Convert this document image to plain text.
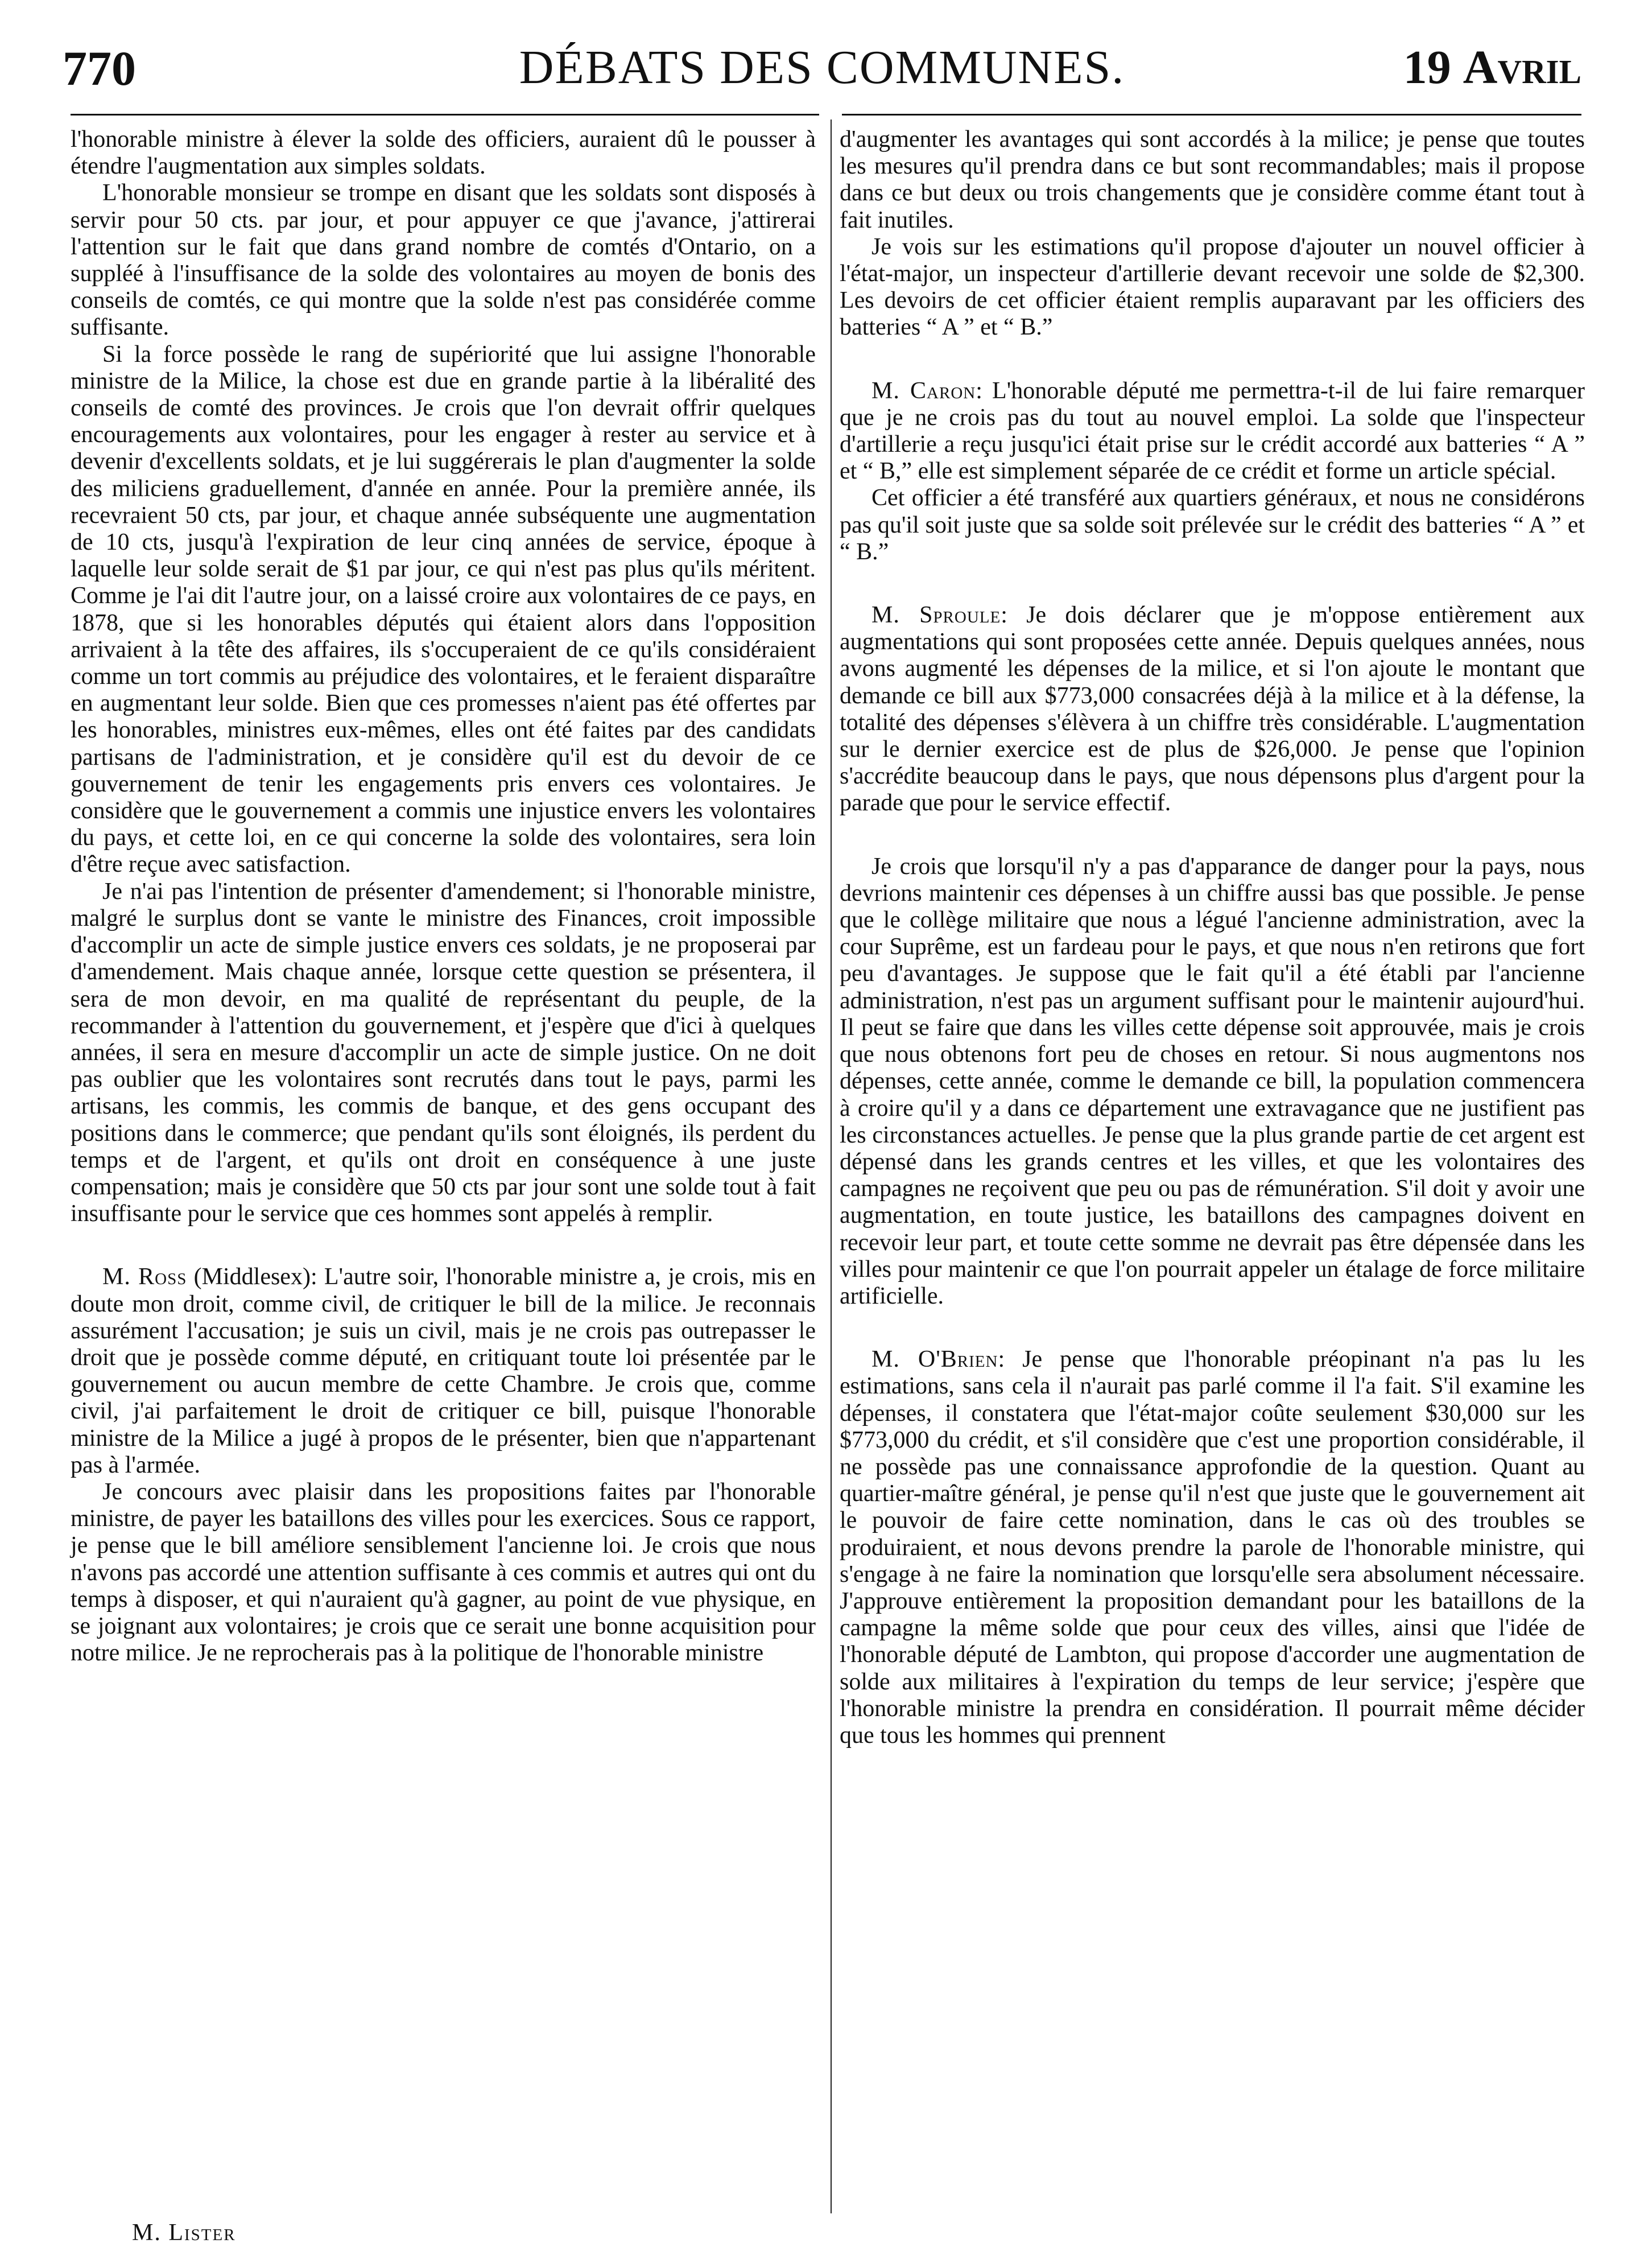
770	DÉBATS DES COMMUNES.	19 Avril

l'honorable ministre à élever la solde des officiers, auraient dû le pousser à étendre l'augmentation aux simples soldats.

L'honorable monsieur se trompe en disant que les soldats sont disposés à servir pour 50 cts. par jour, et pour appuyer ce que j'avance, j'attirerai l'attention sur le fait que dans grand nombre de comtés d'Ontario, on a suppléé à l'insuffisance de la solde des volontaires au moyen de bonis des conseils de comtés, ce qui montre que la solde n'est pas considérée comme suffisante.

Si la force possède le rang de supériorité que lui assigne l'honorable ministre de la Milice, la chose est due en grande partie à la libéralité des conseils de comté des provinces. Je crois que l'on devrait offrir quelques encouragements aux volontaires, pour les engager à rester au service et à devenir d'excellents soldats, et je lui suggérerais le plan d'augmenter la solde des miliciens graduellement, d'année en année. Pour la première année, ils recevraient 50 cts, par jour, et chaque année subséquente une augmentation de 10 cts, jusqu'à l'expiration de leur cinq années de service, époque à laquelle leur solde serait de $1 par jour, ce qui n'est pas plus qu'ils méritent. Comme je l'ai dit l'autre jour, on a laissé croire aux volontaires de ce pays, en 1878, que si les honorables députés qui étaient alors dans l'opposition arrivaient à la tête des affaires, ils s'occuperaient de ce qu'ils considéraient comme un tort commis au préjudice des volontaires, et le feraient disparaître en augmentant leur solde. Bien que ces promesses n'aient pas été offertes par les honorables, ministres eux-mêmes, elles ont été faites par des candidats partisans de l'administration, et je considère qu'il est du devoir de ce gouvernement de tenir les engagements pris envers ces volontaires. Je considère que le gouvernement a commis une injustice envers les volontaires du pays, et cette loi, en ce qui concerne la solde des volontaires, sera loin d'être reçue avec satisfaction.

Je n'ai pas l'intention de présenter d'amendement; si l'honorable ministre, malgré le surplus dont se vante le ministre des Finances, croit impossible d'accomplir un acte de simple justice envers ces soldats, je ne proposerai par d'amendement. Mais chaque année, lorsque cette question se présentera, il sera de mon devoir, en ma qualité de représentant du peuple, de la recommander à l'attention du gouvernement, et j'espère que d'ici à quelques années, il sera en mesure d'accomplir un acte de simple justice. On ne doit pas oublier que les volontaires sont recrutés dans tout le pays, parmi les artisans, les commis, les commis de banque, et des gens occupant des positions dans le commerce; que pendant qu'ils sont éloignés, ils perdent du temps et de l'argent, et qu'ils ont droit en conséquence à une juste compensation; mais je considère que 50 cts par jour sont une solde tout à fait insuffisante pour le service que ces hommes sont appelés à remplir.

M. Ross (Middlesex): L'autre soir, l'honorable ministre a, je crois, mis en doute mon droit, comme civil, de critiquer le bill de la milice. Je reconnais assurément l'accusation; je suis un civil, mais je ne crois pas outrepasser le droit que je possède comme député, en critiquant toute loi présentée par le gouvernement ou aucun membre de cette Chambre. Je crois que, comme civil, j'ai parfaitement le droit de critiquer ce bill, puisque l'honorable ministre de la Milice a jugé à propos de le présenter, bien que n'appartenant pas à l'armée.

Je concours avec plaisir dans les propositions faites par l'honorable ministre, de payer les bataillons des villes pour les exercices. Sous ce rapport, je pense que le bill améliore sensiblement l'ancienne loi. Je crois que nous n'avons pas accordé une attention suffisante à ces commis et autres qui ont du temps à disposer, et qui n'auraient qu'à gagner, au point de vue physique, en se joignant aux volontaires; je crois que ce serait une bonne acquisition pour notre milice. Je ne reprocherais pas à la politique de l'honorable ministre

d'augmenter les avantages qui sont accordés à la milice; je pense que toutes les mesures qu'il prendra dans ce but sont recommandables; mais il propose dans ce but deux ou trois changements que je considère comme étant tout à fait inutiles.

Je vois sur les estimations qu'il propose d'ajouter un nouvel officier à l'état-major, un inspecteur d'artillerie devant recevoir une solde de $2,300. Les devoirs de cet officier étaient remplis auparavant par les officiers des batteries “ A ” et “ B.”

M. Caron: L'honorable député me permettra-t-il de lui faire remarquer que je ne crois pas du tout au nouvel emploi. La solde que l'inspecteur d'artillerie a reçu jusqu'ici était prise sur le crédit accordé aux batteries “ A ” et “ B,” elle est simplement séparée de ce crédit et forme un article spécial.

Cet officier a été transféré aux quartiers généraux, et nous ne considérons pas qu'il soit juste que sa solde soit prélevée sur le crédit des batteries “ A ” et “ B.”

M. Sproule: Je dois déclarer que je m'oppose entièrement aux augmentations qui sont proposées cette année. Depuis quelques années, nous avons augmenté les dépenses de la milice, et si l'on ajoute le montant que demande ce bill aux $773,000 consacrées déjà à la milice et à la défense, la totalité des dépenses s'élèvera à un chiffre très considérable. L'augmentation sur le dernier exercice est de plus de $26,000. Je pense que l'opinion s'accrédite beaucoup dans le pays, que nous dépensons plus d'argent pour la parade que pour le service effectif.

Je crois que lorsqu'il n'y a pas d'apparance de danger pour la pays, nous devrions maintenir ces dépenses à un chiffre aussi bas que possible. Je pense que le collège militaire que nous a légué l'ancienne administration, avec la cour Suprême, est un fardeau pour le pays, et que nous n'en retirons que fort peu d'avantages. Je suppose que le fait qu'il a été établi par l'ancienne administration, n'est pas un argument suffisant pour le maintenir aujourd'hui. Il peut se faire que dans les villes cette dépense soit approuvée, mais je crois que nous obtenons fort peu de choses en retour. Si nous augmentons nos dépenses, cette année, comme le demande ce bill, la population commencera à croire qu'il y a dans ce département une extravagance que ne justifient pas les circonstances actuelles. Je pense que la plus grande partie de cet argent est dépensé dans les grands centres et les villes, et que les volontaires des campagnes ne reçoivent que peu ou pas de rémunération. S'il doit y avoir une augmentation, en toute justice, les bataillons des campagnes doivent en recevoir leur part, et toute cette somme ne devrait pas être dépensée dans les villes pour maintenir ce que l'on pourrait appeler un étalage de force militaire artificielle.

M. O'Brien: Je pense que l'honorable préopinant n'a pas lu les estimations, sans cela il n'aurait pas parlé comme il l'a fait. S'il examine les dépenses, il constatera que l'état-major coûte seulement $30,000 sur les $773,000 du crédit, et s'il considère que c'est une proportion considérable, il ne possède pas une connaissance approfondie de la question. Quant au quartier-maître général, je pense qu'il n'est que juste que le gouvernement ait le pouvoir de faire cette nomination, dans le cas où des troubles se produiraient, et nous devons prendre la parole de l'honorable ministre, qui s'engage à ne faire la nomination que lorsqu'elle sera absolument nécessaire. J'approuve entièrement la proposition demandant pour les bataillons de la campagne la même solde que pour ceux des villes, ainsi que l'idée de l'honorable député de Lambton, qui propose d'accorder une augmentation de solde aux militaires à l'expiration du temps de leur service; j'espère que l'honorable ministre la prendra en considération. Il pourrait même décider que tous les hommes qui prennent

M. Lister
